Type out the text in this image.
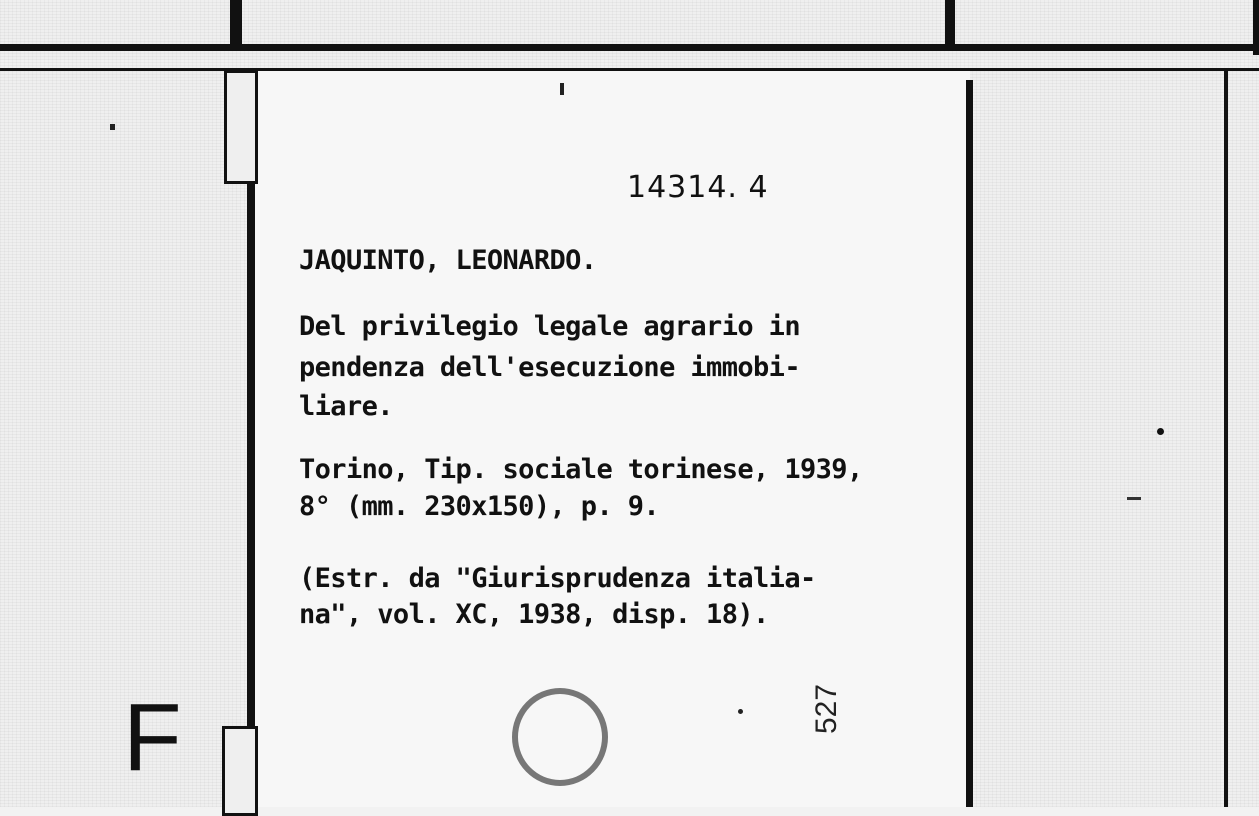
14314. 4
JAQUINTO, LEONARDO.
Del privilegio legale agrario in
pendenza dell'esecuzione immobi-
liare.
Torino, Tip. sociale torinese, 1939,
8° (mm. 230x150), p. 9.
(Estr. da "Giurisprudenza italia-
na", vol. XC, 1938, disp. 18).
F	527
